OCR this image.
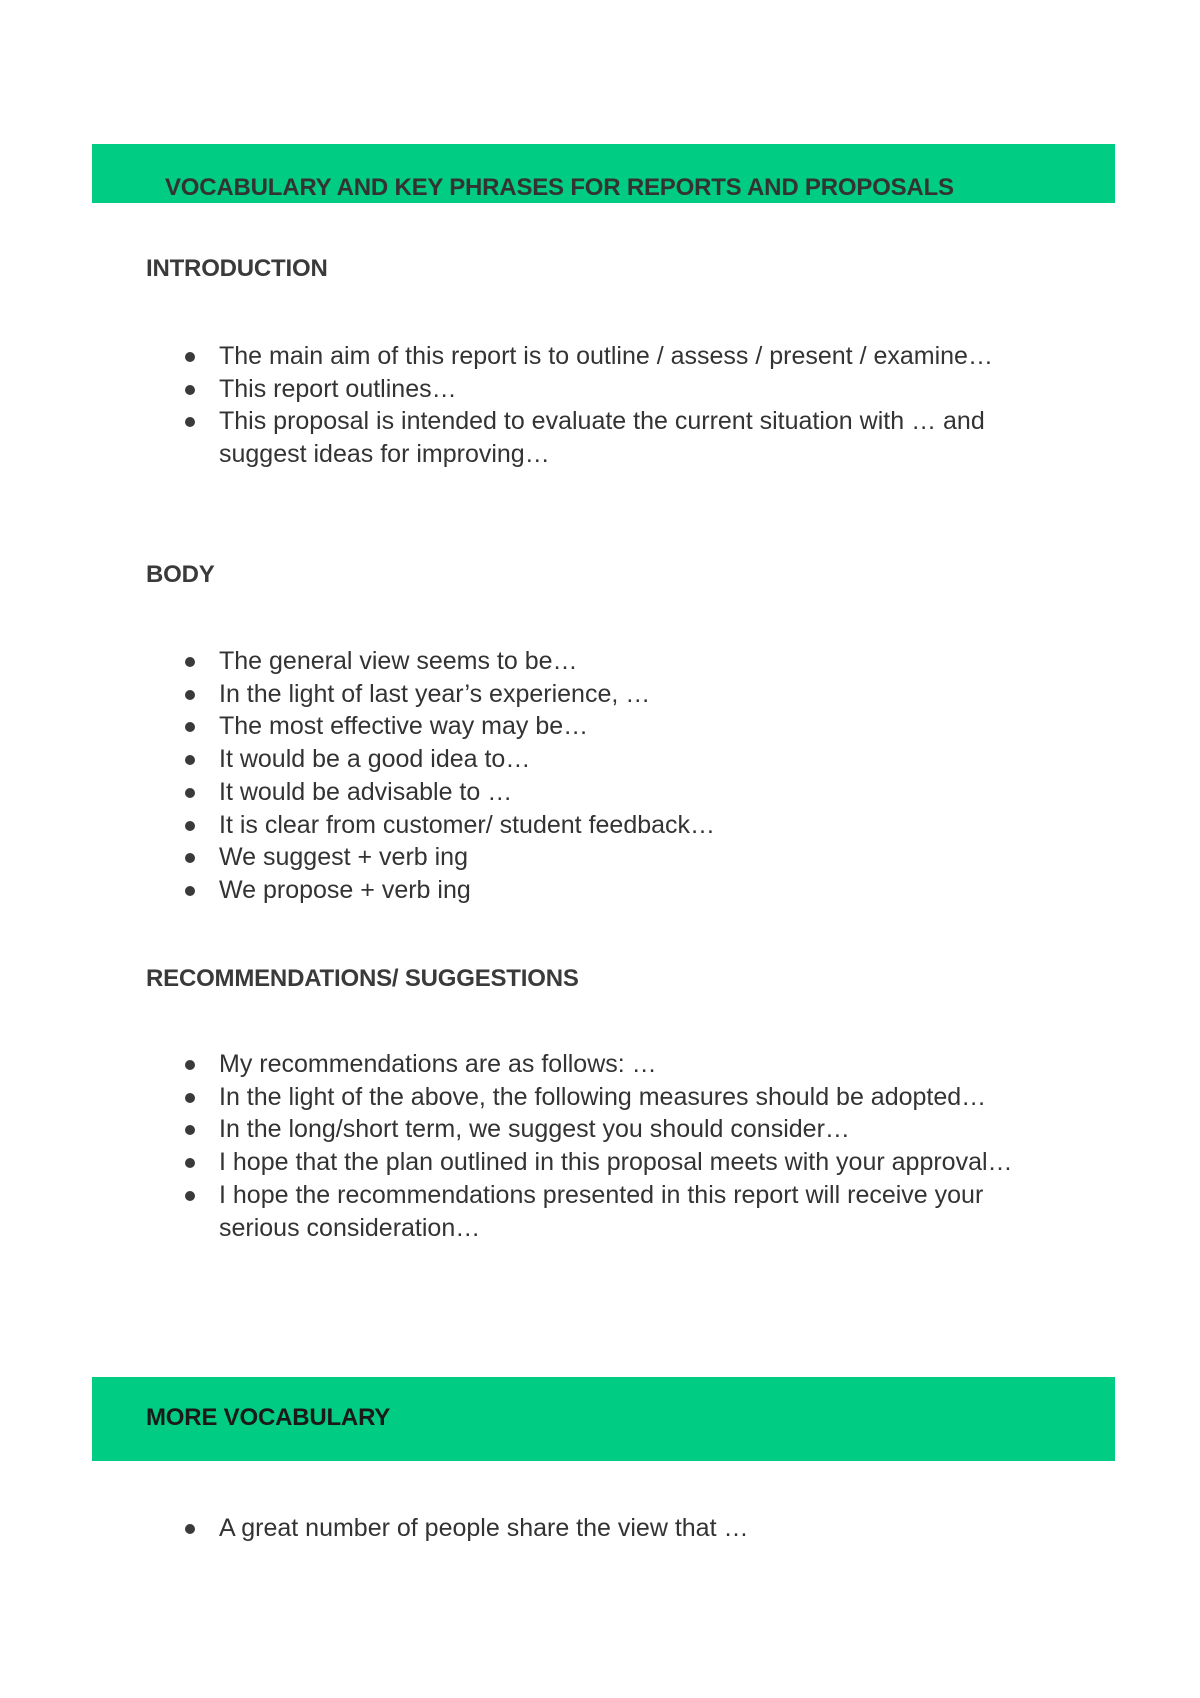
VOCABULARY AND KEY PHRASES FOR REPORTS AND PROPOSALS
INTRODUCTION
The main aim of this report is to outline / assess / present / examine…
This report outlines…
This proposal is intended to evaluate the current situation with … and suggest ideas for improving…
BODY
The general view seems to be…
In the light of last year’s experience, …
The most effective way may be…
It would be a good idea to…
It would be advisable to …
It is clear from customer/ student feedback…
We suggest + verb ing
We propose + verb ing
RECOMMENDATIONS/ SUGGESTIONS
My recommendations are as follows: …
In the light of the above, the following measures should be adopted…
In the long/short term, we suggest you should consider…
I hope that the plan outlined in this proposal meets with your approval…
I hope the recommendations presented in this report will receive your serious consideration…
MORE VOCABULARY
A great number of people share the view that …
